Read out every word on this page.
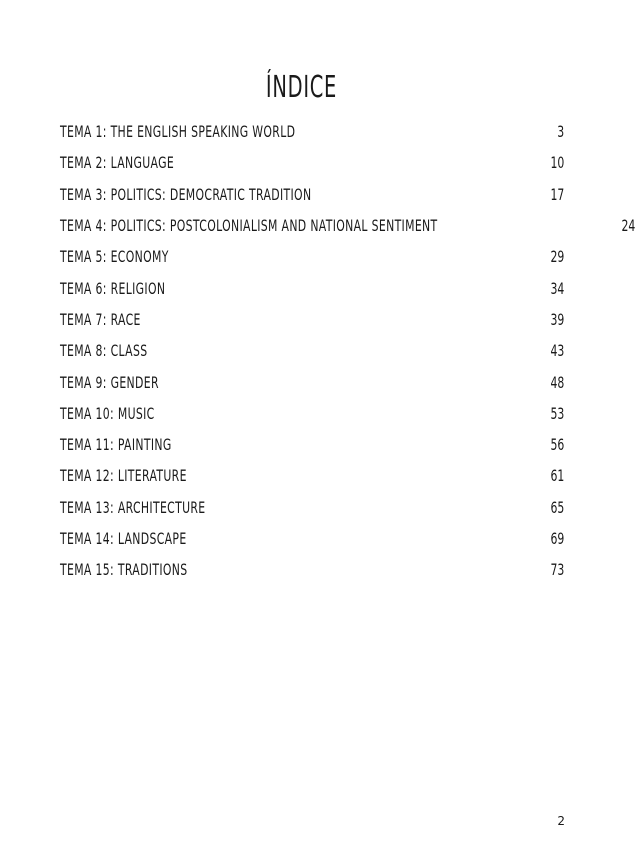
ÍNDICE
TEMA 1: THE ENGLISH SPEAKING WORLD	3
TEMA 2: LANGUAGE	10
TEMA 3: POLITICS: DEMOCRATIC TRADITION	17
TEMA 4: POLITICS: POSTCOLONIALISM AND NATIONAL SENTIMENT	24
TEMA 5: ECONOMY	29
TEMA 6: RELIGION	34
TEMA 7: RACE	39
TEMA 8: CLASS	43
TEMA 9: GENDER	48
TEMA 10: MUSIC	53
TEMA 11: PAINTING	56
TEMA 12: LITERATURE	61
TEMA 13: ARCHITECTURE	65
TEMA 14: LANDSCAPE	69
TEMA 15: TRADITIONS	73
2
